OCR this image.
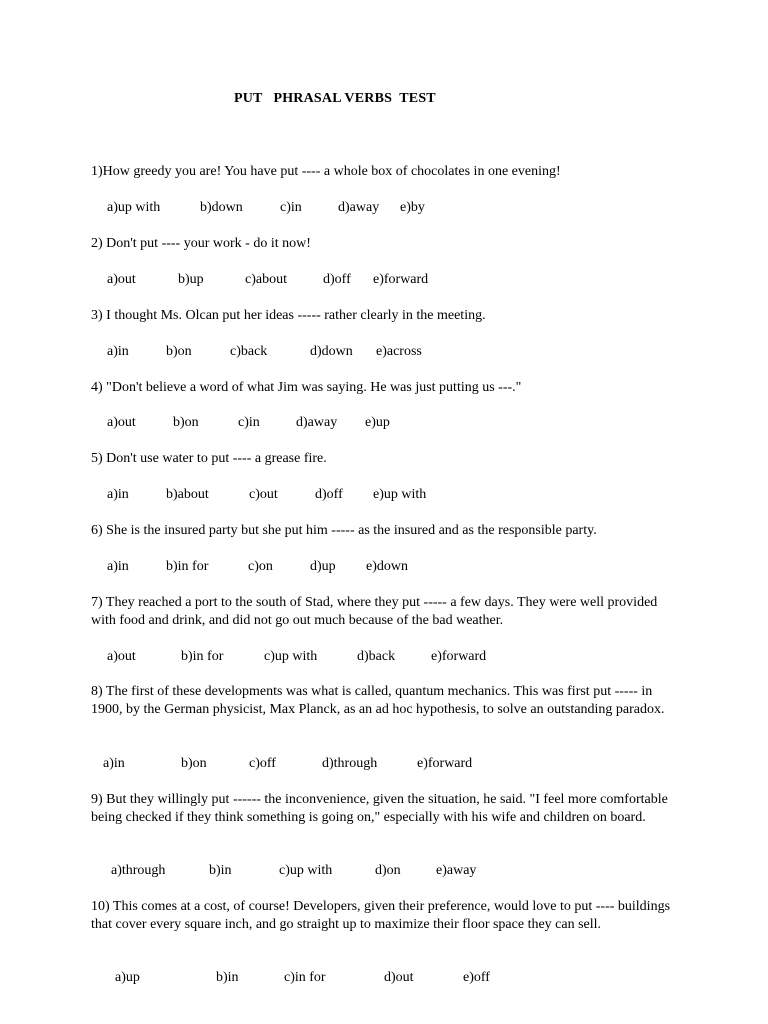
PUT   PHRASAL VERBS  TEST
1)How greedy you are! You have put ---- a whole box of chocolates in one evening!
a)up with	b)down	c)in	d)away e)by
2) Don't put ---- your work - do it now!
a)out	b)up	c)about	d)off e)forward
3) I thought Ms. Olcan put her ideas ----- rather clearly in the meeting.
a)in	b)on	c)back	d)down e)across
4) "Don't believe a word of what Jim was saying. He was just putting us ---."
a)out	b)on	c)in	d)away e)up
5) Don't use water to put ---- a grease fire.
a)in	b)about	c)out	d)off e)up with
6) She is the insured party but she put him ----- as the insured and as the responsible party.
a)in	b)in for	c)on	d)up e)down
7) They reached a port to the south of Stad, where they put ----- a few days. They were well provided with food and drink, and did not go out much because of the bad weather.
a)out	b)in for	c)up with	d)back	e)forward
8) The first of these developments was what is called, quantum mechanics. This was first put ----- in 1900, by the German physicist, Max Planck, as an ad hoc hypothesis, to solve an outstanding paradox.
a)in	b)on	c)off	d)through	e)forward
9) But they willingly put ------ the inconvenience, given the situation, he said. "I feel more comfortable being checked if they think something is going on," especially with his wife and children on board.
a)through	b)in	c)up with	d)on	e)away
10) This comes at a cost, of course! Developers, given their preference, would love to put ---- buildings that cover every square inch, and go straight up to maximize their floor space they can sell.
a)up	b)in	c)in for	d)out	e)off
